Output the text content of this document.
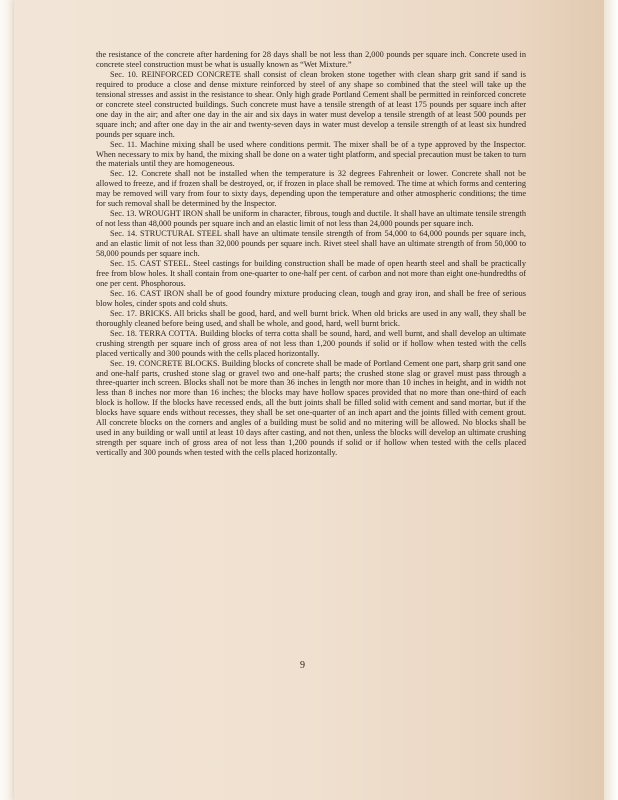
the resistance of the concrete after hardening for 28 days shall be not less than 2,000 pounds per square inch. Concrete used in concrete steel construction must be what is usually known as “Wet Mixture.”

Sec. 10. REINFORCED CONCRETE shall consist of clean broken stone together with clean sharp grit sand if sand is required to produce a close and dense mixture reinforced by steel of any shape so combined that the steel will take up the tensional stresses and assist in the resistance to shear. Only high grade Portland Cement shall be permitted in reinforced concrete or concrete steel constructed buildings. Such concrete must have a tensile strength of at least 175 pounds per square inch after one day in the air; and after one day in the air and six days in water must develop a tensile strength of at least 500 pounds per square inch; and after one day in the air and twenty-seven days in water must develop a tensile strength of at least six hundred pounds per square inch.

Sec. 11. Machine mixing shall be used where conditions permit. The mixer shall be of a type approved by the Inspector. When necessary to mix by hand, the mixing shall be done on a water tight platform, and special precaution must be taken to turn the materials until they are homogeneous.

Sec. 12. Concrete shall not be installed when the temperature is 32 degrees Fahrenheit or lower. Concrete shall not be allowed to freeze, and if frozen shall be destroyed, or, if frozen in place shall be removed. The time at which forms and centering may be removed will vary from four to sixty days, depending upon the temperature and other atmospheric conditions; the time for such removal shall be determined by the Inspector.

Sec. 13. WROUGHT IRON shall be uniform in character, fibrous, tough and ductile. It shall have an ultimate tensile strength of not less than 48,000 pounds per square inch and an elastic limit of not less than 24,000 pounds per square inch.

Sec. 14. STRUCTURAL STEEL shall have an ultimate tensile strength of from 54,000 to 64,000 pounds per square inch, and an elastic limit of not less than 32,000 pounds per square inch. Rivet steel shall have an ultimate strength of from 50,000 to 58,000 pounds per square inch.

Sec. 15. CAST STEEL. Steel castings for building construction shall be made of open hearth steel and shall be practically free from blow holes. It shall contain from one-quarter to one-half per cent. of carbon and not more than eight one-hundredths of one per cent. Phosphorous.

Sec. 16. CAST IRON shall be of good foundry mixture producing clean, tough and gray iron, and shall be free of serious blow holes, cinder spots and cold shuts.

Sec. 17. BRICKS. All bricks shall be good, hard, and well burnt brick. When old bricks are used in any wall, they shall be thoroughly cleaned before being used, and shall be whole, and good, hard, well burnt brick.

Sec. 18. TERRA COTTA. Building blocks of terra cotta shall be sound, hard, and well burnt, and shall develop an ultimate crushing strength per square inch of gross area of not less than 1,200 pounds if solid or if hollow when tested with the cells placed vertically and 300 pounds with the cells placed horizontally.

Sec. 19. CONCRETE BLOCKS. Building blocks of concrete shall be made of Portland Cement one part, sharp grit sand one and one-half parts, crushed stone slag or gravel two and one-half parts; the crushed stone slag or gravel must pass through a three-quarter inch screen. Blocks shall not be more than 36 inches in length nor more than 10 inches in height, and in width not less than 8 inches nor more than 16 inches; the blocks may have hollow spaces provided that no more than one-third of each block is hollow. If the blocks have recessed ends, all the butt joints shall be filled solid with cement and sand mortar, but if the blocks have square ends without recesses, they shall be set one-quarter of an inch apart and the joints filled with cement grout. All concrete blocks on the corners and angles of a building must be solid and no mitering will be allowed. No blocks shall be used in any building or wall until at least 10 days after casting, and not then, unless the blocks will develop an ultimate crushing strength per square inch of gross area of not less than 1,200 pounds if solid or if hollow when tested with the cells placed vertically and 300 pounds when tested with the cells placed horizontally.

9
